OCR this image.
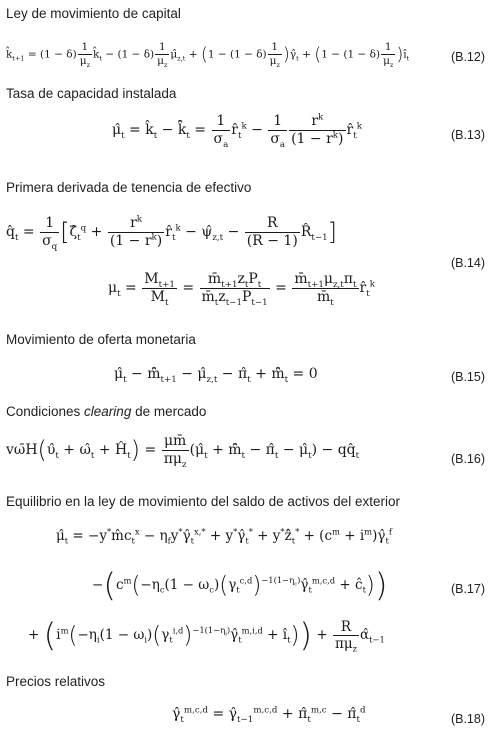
Ley de movimiento de capital
$k̂_{t+1} = (1 - \delta) \frac{1}{\mu_z}$ $k̂_t - (1 - \delta) \frac{1}{\mu_z}$ $\mû_{z,t} + (1 - (1 - \delta) \frac{1}{\mu_z}$ )$\gammâ_t + (1 - (1 - \delta) \frac{1}{\mu_z}$ )$ı̂_t$	(B.12)
Tasa de capacidad instalada
$\mû_t$ = $k̂_t$ − $k̂̄_t = \frac{1}{\sigma_a}$ $r̂_t^k - \frac{1}{\sigma_a} \frac{r^k}{(1 - r^k)}$ $r̂_t^k$
(B.13)
Primera derivada de tenencia de efectivo
$q̂_t = \frac{1}{\sigma_q}$ [$\zetâ_t^q + \frac{r^k}{(1 - r^k)}$ $r̂_t^k$ − $\psî_{z,t} - \frac{R}{(R - 1)}$ $R̂_{t-1}$]
$\mu_t = \frac{M_{t+1}}{M_t} = \frac{m̄_{t+1}z_tP_t}{m̄_tz_{t-1}P_{t-1}} = \frac{m̄_{t+1}\mu_{z,t}\pi_t}{m̄_t}$ $r̂_t^k$
(B.14)
Movimiento de oferta monetaria
$\mû_t$ − $m̂̄_{t+1}$ − $\mû_{z,t}$ − $\pî_t$ + $m̂̄_t = 0$	(B.15)
Condiciones clearing de mercado
$v\omegāH(\upsilon̂_t$ + $\omegâ_t$ + $Ĥ_t) = \frac{\mu m̄}{\pi\mu_z}$ ($\mû_t$ + $m̂̄_t$ − $\pî_t$ − $\mû_t$) − $qq̂_t$	(B.16)
Equilibrio en la ley de movimiento del saldo de activos del exterior
$\mû_t$ = $-y^*m̂c_t^x$ − $\eta_fy^*\gammâ_t^{x,*}$ + $y^*\gammâ_t^*$ + $y^*ẑ̂_t^* + (c^m$ + $i^m)\gammâ_t^f$
$-(c^m(-\eta_c(1$ − $\omega_c)(\gamma_t^{c,d})^{-1(1-\eta_c)}\gammâ_t^{m,c,d}$ + $ĉ_t$))	(B.17)
+ ($i^m(-\eta_i(1$ − $\omega_i)(\gamma_t^{i,d})^{-1(1-\eta_i)}\gammâ_t^{m,i,d}$ + $ı̂_t)) + \frac{R}{\pi\mu_z}$ $\alphâ_{t-1}$
Precios relativos
$\gammâ_t^{m,c,d}$ = $\gammâ_{t-1}^{m,c,d}$ + $\pî_t^{m,c}$ − $\pî_t^d$
(B.18)
